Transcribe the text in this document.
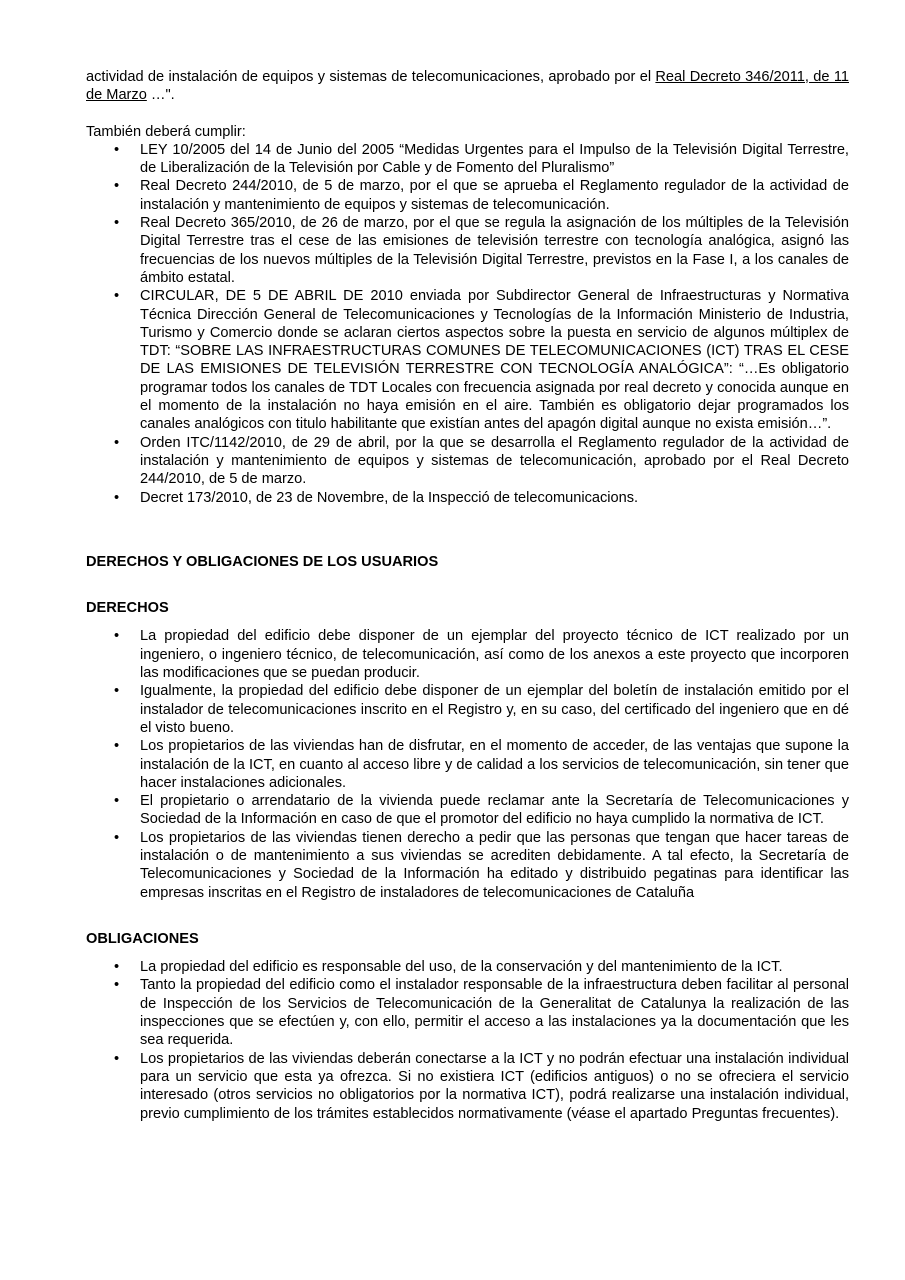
actividad de instalación de equipos y sistemas de telecomunicaciones, aprobado por el Real Decreto 346/2011, de 11 de Marzo …".

También deberá cumplir:

• LEY 10/2005 del 14 de Junio del 2005 “Medidas Urgentes para el Impulso de la Televisión Digital Terrestre, de Liberalización de la Televisión por Cable y de Fomento del Pluralismo”
• Real Decreto 244/2010, de 5 de marzo, por el que se aprueba el Reglamento regulador de la actividad de instalación y mantenimiento de equipos y sistemas de telecomunicación.
• Real Decreto 365/2010, de 26 de marzo, por el que se regula la asignación de los múltiples de la Televisión Digital Terrestre tras el cese de las emisiones de televisión terrestre con tecnología analógica, asignó las frecuencias de los nuevos múltiples de la Televisión Digital Terrestre, previstos en la Fase I, a los canales de ámbito estatal.
• CIRCULAR, DE 5 DE ABRIL DE 2010 enviada por Subdirector General de Infraestructuras y Normativa Técnica Dirección General de Telecomunicaciones y Tecnologías de la Información Ministerio de Industria, Turismo y Comercio donde se aclaran ciertos aspectos sobre la puesta en servicio de algunos múltiplex de TDT: “SOBRE LAS INFRAESTRUCTURAS COMUNES DE TELECOMUNICACIONES (ICT) TRAS EL CESE DE LAS EMISIONES DE TELEVISIÓN TERRESTRE CON TECNOLOGÍA ANALÓGICA”: “…Es obligatorio programar todos los canales de TDT Locales con frecuencia asignada por real decreto y conocida aunque en el momento de la instalación no haya emisión en el aire. También es obligatorio dejar programados los canales analógicos con titulo habilitante que existían antes del apagón digital aunque no exista emisión…”.
• Orden ITC/1142/2010, de 29 de abril, por la que se desarrolla el Reglamento regulador de la actividad de instalación y mantenimiento de equipos y sistemas de telecomunicación, aprobado por el Real Decreto 244/2010, de 5 de marzo.
• Decret 173/2010, de 23 de Novembre, de la Inspecció de telecomunicacions.
DERECHOS Y OBLIGACIONES DE LOS USUARIOS
DERECHOS
• La propiedad del edificio debe disponer de un ejemplar del proyecto técnico de ICT realizado por un ingeniero, o ingeniero técnico, de telecomunicación, así como de los anexos a este proyecto que incorporen las modificaciones que se puedan producir.
• Igualmente, la propiedad del edificio debe disponer de un ejemplar del boletín de instalación emitido por el instalador de telecomunicaciones inscrito en el Registro y, en su caso, del certificado del ingeniero que en dé el visto bueno.
• Los propietarios de las viviendas han de disfrutar, en el momento de acceder, de las ventajas que supone la instalación de la ICT, en cuanto al acceso libre y de calidad a los servicios de telecomunicación, sin tener que hacer instalaciones adicionales.
• El propietario o arrendatario de la vivienda puede reclamar ante la Secretaría de Telecomunicaciones y Sociedad de la Información en caso de que el promotor del edificio no haya cumplido la normativa de ICT.
• Los propietarios de las viviendas tienen derecho a pedir que las personas que tengan que hacer tareas de instalación o de mantenimiento a sus viviendas se acrediten debidamente. A tal efecto, la Secretaría de Telecomunicaciones y Sociedad de la Información ha editado y distribuido pegatinas para identificar las empresas inscritas en el Registro de instaladores de telecomunicaciones de Cataluña
OBLIGACIONES
• La propiedad del edificio es responsable del uso, de la conservación y del mantenimiento de la ICT.
• Tanto la propiedad del edificio como el instalador responsable de la infraestructura deben facilitar al personal de Inspección de los Servicios de Telecomunicación de la Generalitat de Catalunya la realización de las inspecciones que se efectúen y, con ello, permitir el acceso a las instalaciones ya la documentación que les sea requerida.
• Los propietarios de las viviendas deberán conectarse a la ICT y no podrán efectuar una instalación individual para un servicio que esta ya ofrezca. Si no existiera ICT (edificios antiguos) o no se ofreciera el servicio interesado (otros servicios no obligatorios por la normativa ICT), podrá realizarse una instalación individual, previo cumplimiento de los trámites establecidos normativamente (véase el apartado Preguntas frecuentes).
